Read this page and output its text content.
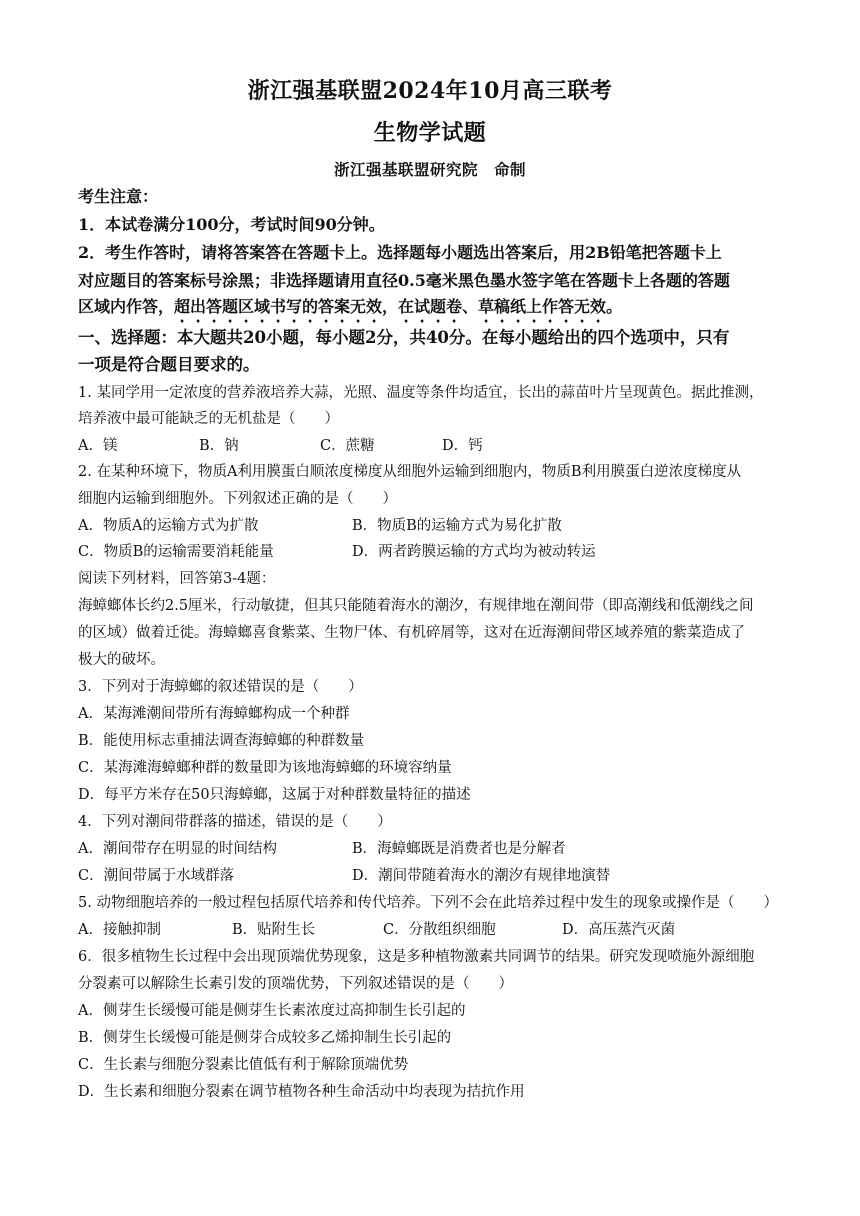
浙江强基联盟2024年10月高三联考
生物学试题
浙江强基联盟研究院　命制
考生注意：
1．本试卷满分100分，考试时间90分钟。
2．考生作答时，请将答案答在答题卡上。选择题每小题选出答案后，用2B铅笔把答题卡上
对应题目的答案标号涂黑；非选择题请用直径0.5毫米黑色墨水签字笔在答题卡上各题的答题
区域内作答，超出答题区域书写的答案无效，在试题卷、草稿纸上作答无效。
一、选择题：本大题共20小题，每小题2分，共40分。在每小题给出的四个选项中，只有
一项是符合题目要求的。
1. 某同学用一定浓度的营养液培养大蒜，光照、温度等条件均适宜，长出的蒜苗叶片呈现黄色。据此推测，
培养液中最可能缺乏的无机盐是（　　）
A．镁	B．钠	C．蔗糖	D．钙
2. 在某种环境下，物质A利用膜蛋白顺浓度梯度从细胞外运输到细胞内，物质B利用膜蛋白逆浓度梯度从
细胞内运输到细胞外。下列叙述正确的是（　　）
A．物质A的运输方式为扩散	B．物质B的运输方式为易化扩散
C．物质B的运输需要消耗能量	D．两者跨膜运输的方式均为被动转运
阅读下列材料，回答第3-4题：
海蟑螂体长约2.5厘米，行动敏捷，但其只能随着海水的潮汐，有规律地在潮间带（即高潮线和低潮线之间
的区域）做着迁徙。海蟑螂喜食紫菜、生物尸体、有机碎屑等，这对在近海潮间带区域养殖的紫菜造成了
极大的破坏。
3．下列对于海蟑螂的叙述错误的是（　　）
A．某海滩潮间带所有海蟑螂构成一个种群
B．能使用标志重捕法调查海蟑螂的种群数量
C．某海滩海蟑螂种群的数量即为该地海蟑螂的环境容纳量
D．每平方米存在50只海蟑螂，这属于对种群数量特征的描述
4．下列对潮间带群落的描述，错误的是（　　）
A．潮间带存在明显的时间结构	B．海蟑螂既是消费者也是分解者
C．潮间带属于水域群落	D．潮间带随着海水的潮汐有规律地演替
5. 动物细胞培养的一般过程包括原代培养和传代培养。下列不会在此培养过程中发生的现象或操作是（　　）
A．接触抑制	B．贴附生长	C．分散组织细胞	D．高压蒸汽灭菌
6．很多植物生长过程中会出现顶端优势现象，这是多种植物激素共同调节的结果。研究发现喷施外源细胞
分裂素可以解除生长素引发的顶端优势，下列叙述错误的是（　　）
A．侧芽生长缓慢可能是侧芽生长素浓度过高抑制生长引起的
B．侧芽生长缓慢可能是侧芽合成较多乙烯抑制生长引起的
C．生长素与细胞分裂素比值低有利于解除顶端优势
D．生长素和细胞分裂素在调节植物各种生命活动中均表现为拮抗作用
